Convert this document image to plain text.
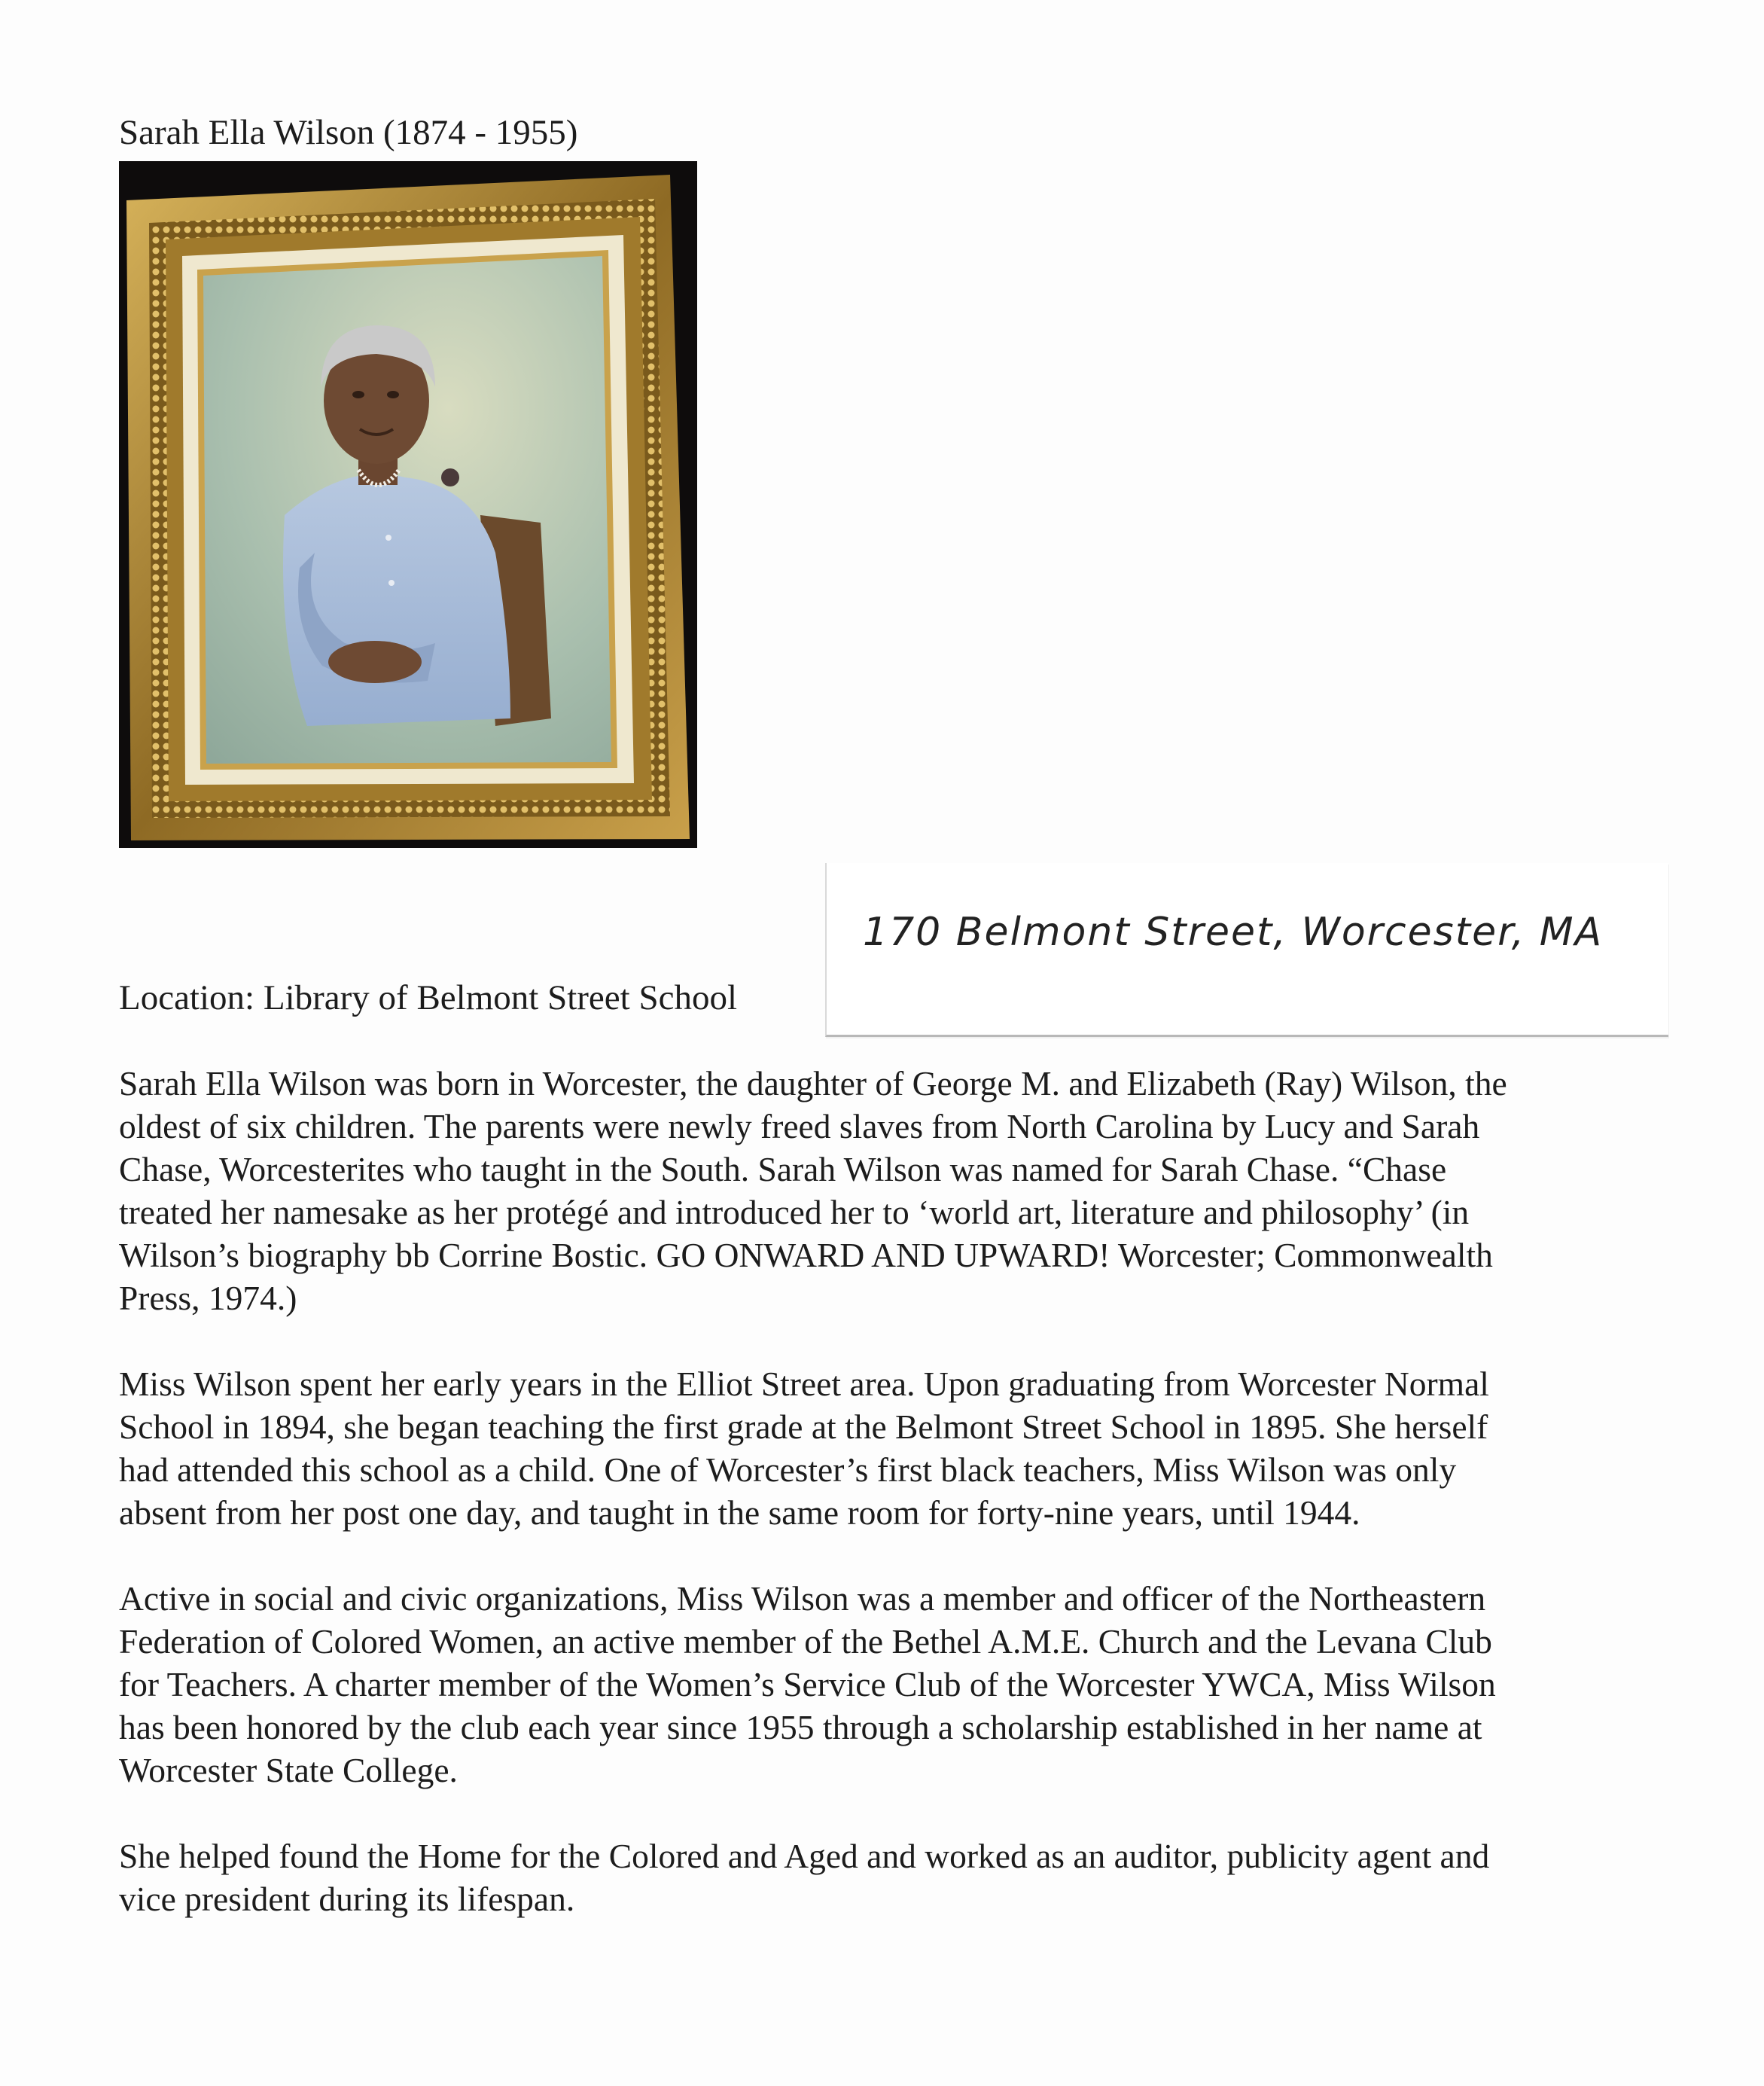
Sarah Ella Wilson (1874 - 1955)
Location: Library of Belmont Street School
170 Belmont Street, Worcester, MA

Sarah Ella Wilson was born in Worcester, the daughter of George M. and Elizabeth (Ray) Wilson, the oldest of six children. The parents were newly freed slaves from North Carolina by Lucy and Sarah Chase, Worcesterites who taught in the South. Sarah Wilson was named for Sarah Chase. “Chase treated her namesake as her protégé and introduced her to ‘world art, literature and philosophy’ (in Wilson’s biography bb Corrine Bostic. GO ONWARD AND UPWARD! Worcester; Commonwealth Press, 1974.)

Miss Wilson spent her early years in the Elliot Street area. Upon graduating from Worcester Normal School in 1894, she began teaching the first grade at the Belmont Street School in 1895. She herself had attended this school as a child. One of Worcester’s first black teachers, Miss Wilson was only absent from her post one day, and taught in the same room for forty-nine years, until 1944.

Active in social and civic organizations, Miss Wilson was a member and officer of the Northeastern Federation of Colored Women, an active member of the Bethel A.M.E. Church and the Levana Club for Teachers. A charter member of the Women’s Service Club of the Worcester YWCA, Miss Wilson has been honored by the club each year since 1955 through a scholarship established in her name at Worcester State College.

She helped found the Home for the Colored and Aged and worked as an auditor, publicity agent and vice president during its lifespan.
